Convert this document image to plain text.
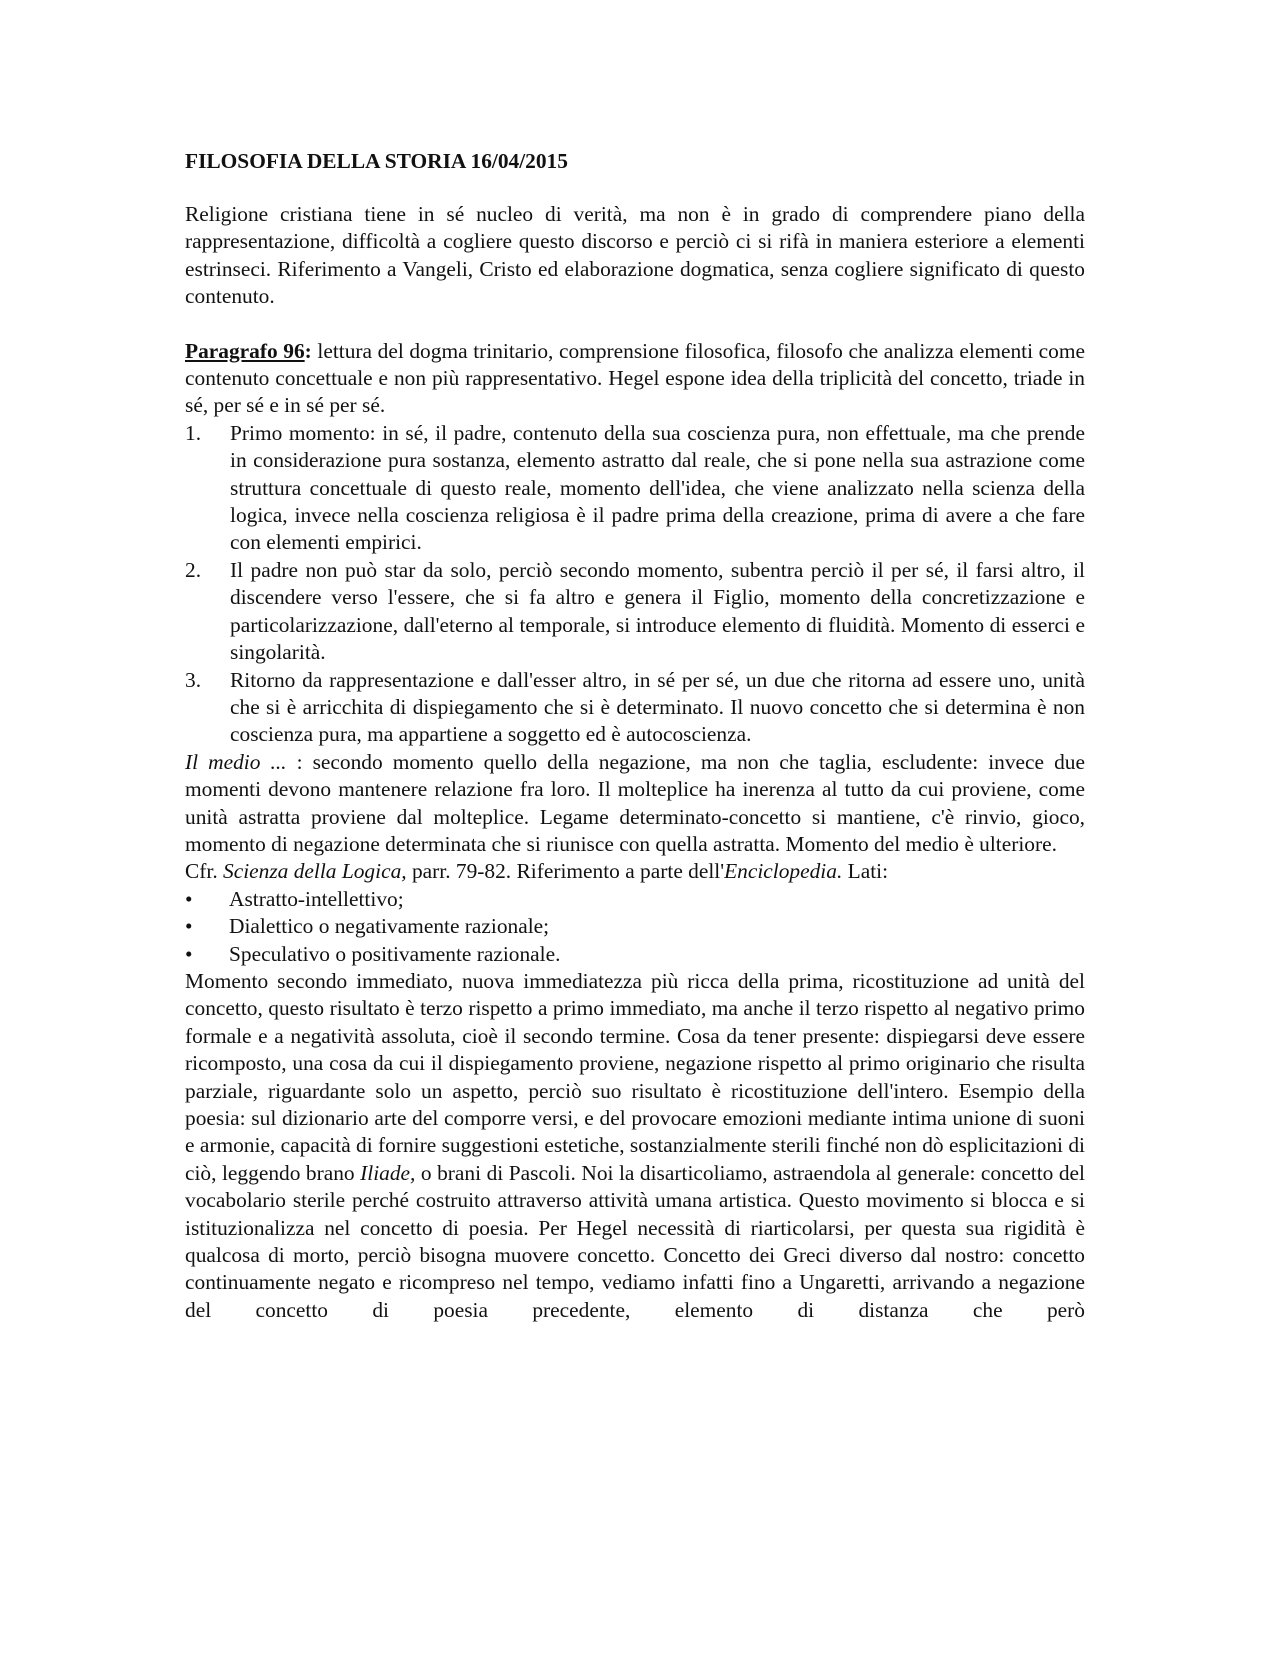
FILOSOFIA DELLA STORIA 16/04/2015

Religione cristiana tiene in sé nucleo di verità, ma non è in grado di comprendere piano della rappresentazione, difficoltà a cogliere questo discorso e perciò ci si rifà in maniera esteriore a elementi estrinseci. Riferimento a Vangeli, Cristo ed elaborazione dogmatica, senza cogliere significato di questo contenuto.

Paragrafo 96: lettura del dogma trinitario, comprensione filosofica, filosofo che analizza elementi come contenuto concettuale e non più rappresentativo. Hegel espone idea della triplicità del concetto, triade in sé, per sé e in sé per sé.

1. Primo momento: in sé, il padre, contenuto della sua coscienza pura, non effettuale, ma che prende in considerazione pura sostanza, elemento astratto dal reale, che si pone nella sua astrazione come struttura concettuale di questo reale, momento dell'idea, che viene analizzato nella scienza della logica, invece nella coscienza religiosa è il padre prima della creazione, prima di avere a che fare con elementi empirici.
2. Il padre non può star da solo, perciò secondo momento, subentra perciò il per sé, il farsi altro, il discendere verso l'essere, che si fa altro e genera il Figlio, momento della concretizzazione e particolarizzazione, dall'eterno al temporale, si introduce elemento di fluidità. Momento di esserci e singolarità.
3. Ritorno da rappresentazione e dall'esser altro, in sé per sé, un due che ritorna ad essere uno, unità che si è arricchita di dispiegamento che si è determinato. Il nuovo concetto che si determina è non coscienza pura, ma appartiene a soggetto ed è autocoscienza.

Il medio ... : secondo momento quello della negazione, ma non che taglia, escludente: invece due momenti devono mantenere relazione fra loro. Il molteplice ha inerenza al tutto da cui proviene, come unità astratta proviene dal molteplice. Legame determinato-concetto si mantiene, c'è rinvio, gioco, momento di negazione determinata che si riunisce con quella astratta. Momento del medio è ulteriore.

Cfr. Scienza della Logica, parr. 79-82. Riferimento a parte dell'Enciclopedia. Lati:

• Astratto-intellettivo;
• Dialettico o negativamente razionale;
• Speculativo o positivamente razionale.

Momento secondo immediato, nuova immediatezza più ricca della prima, ricostituzione ad unità del concetto, questo risultato è terzo rispetto a primo immediato, ma anche il terzo rispetto al negativo primo formale e a negatività assoluta, cioè il secondo termine. Cosa da tener presente: dispiegarsi deve essere ricomposto, una cosa da cui il dispiegamento proviene, negazione rispetto al primo originario che risulta parziale, riguardante solo un aspetto, perciò suo risultato è ricostituzione dell'intero. Esempio della poesia: sul dizionario arte del comporre versi, e del provocare emozioni mediante intima unione di suoni e armonie, capacità di fornire suggestioni estetiche, sostanzialmente sterili finché non dò esplicitazioni di ciò, leggendo brano Iliade, o brani di Pascoli. Noi la disarticoliamo, astraendola al generale: concetto del vocabolario sterile perché costruito attraverso attività umana artistica. Questo movimento si blocca e si istituzionalizza nel concetto di poesia. Per Hegel necessità di riarticolarsi, per questa sua rigidità è qualcosa di morto, perciò bisogna muovere concetto. Concetto dei Greci diverso dal nostro: concetto continuamente negato e ricompreso nel tempo, vediamo infatti fino a Ungaretti, arrivando a negazione del concetto di poesia precedente, elemento di distanza che però
